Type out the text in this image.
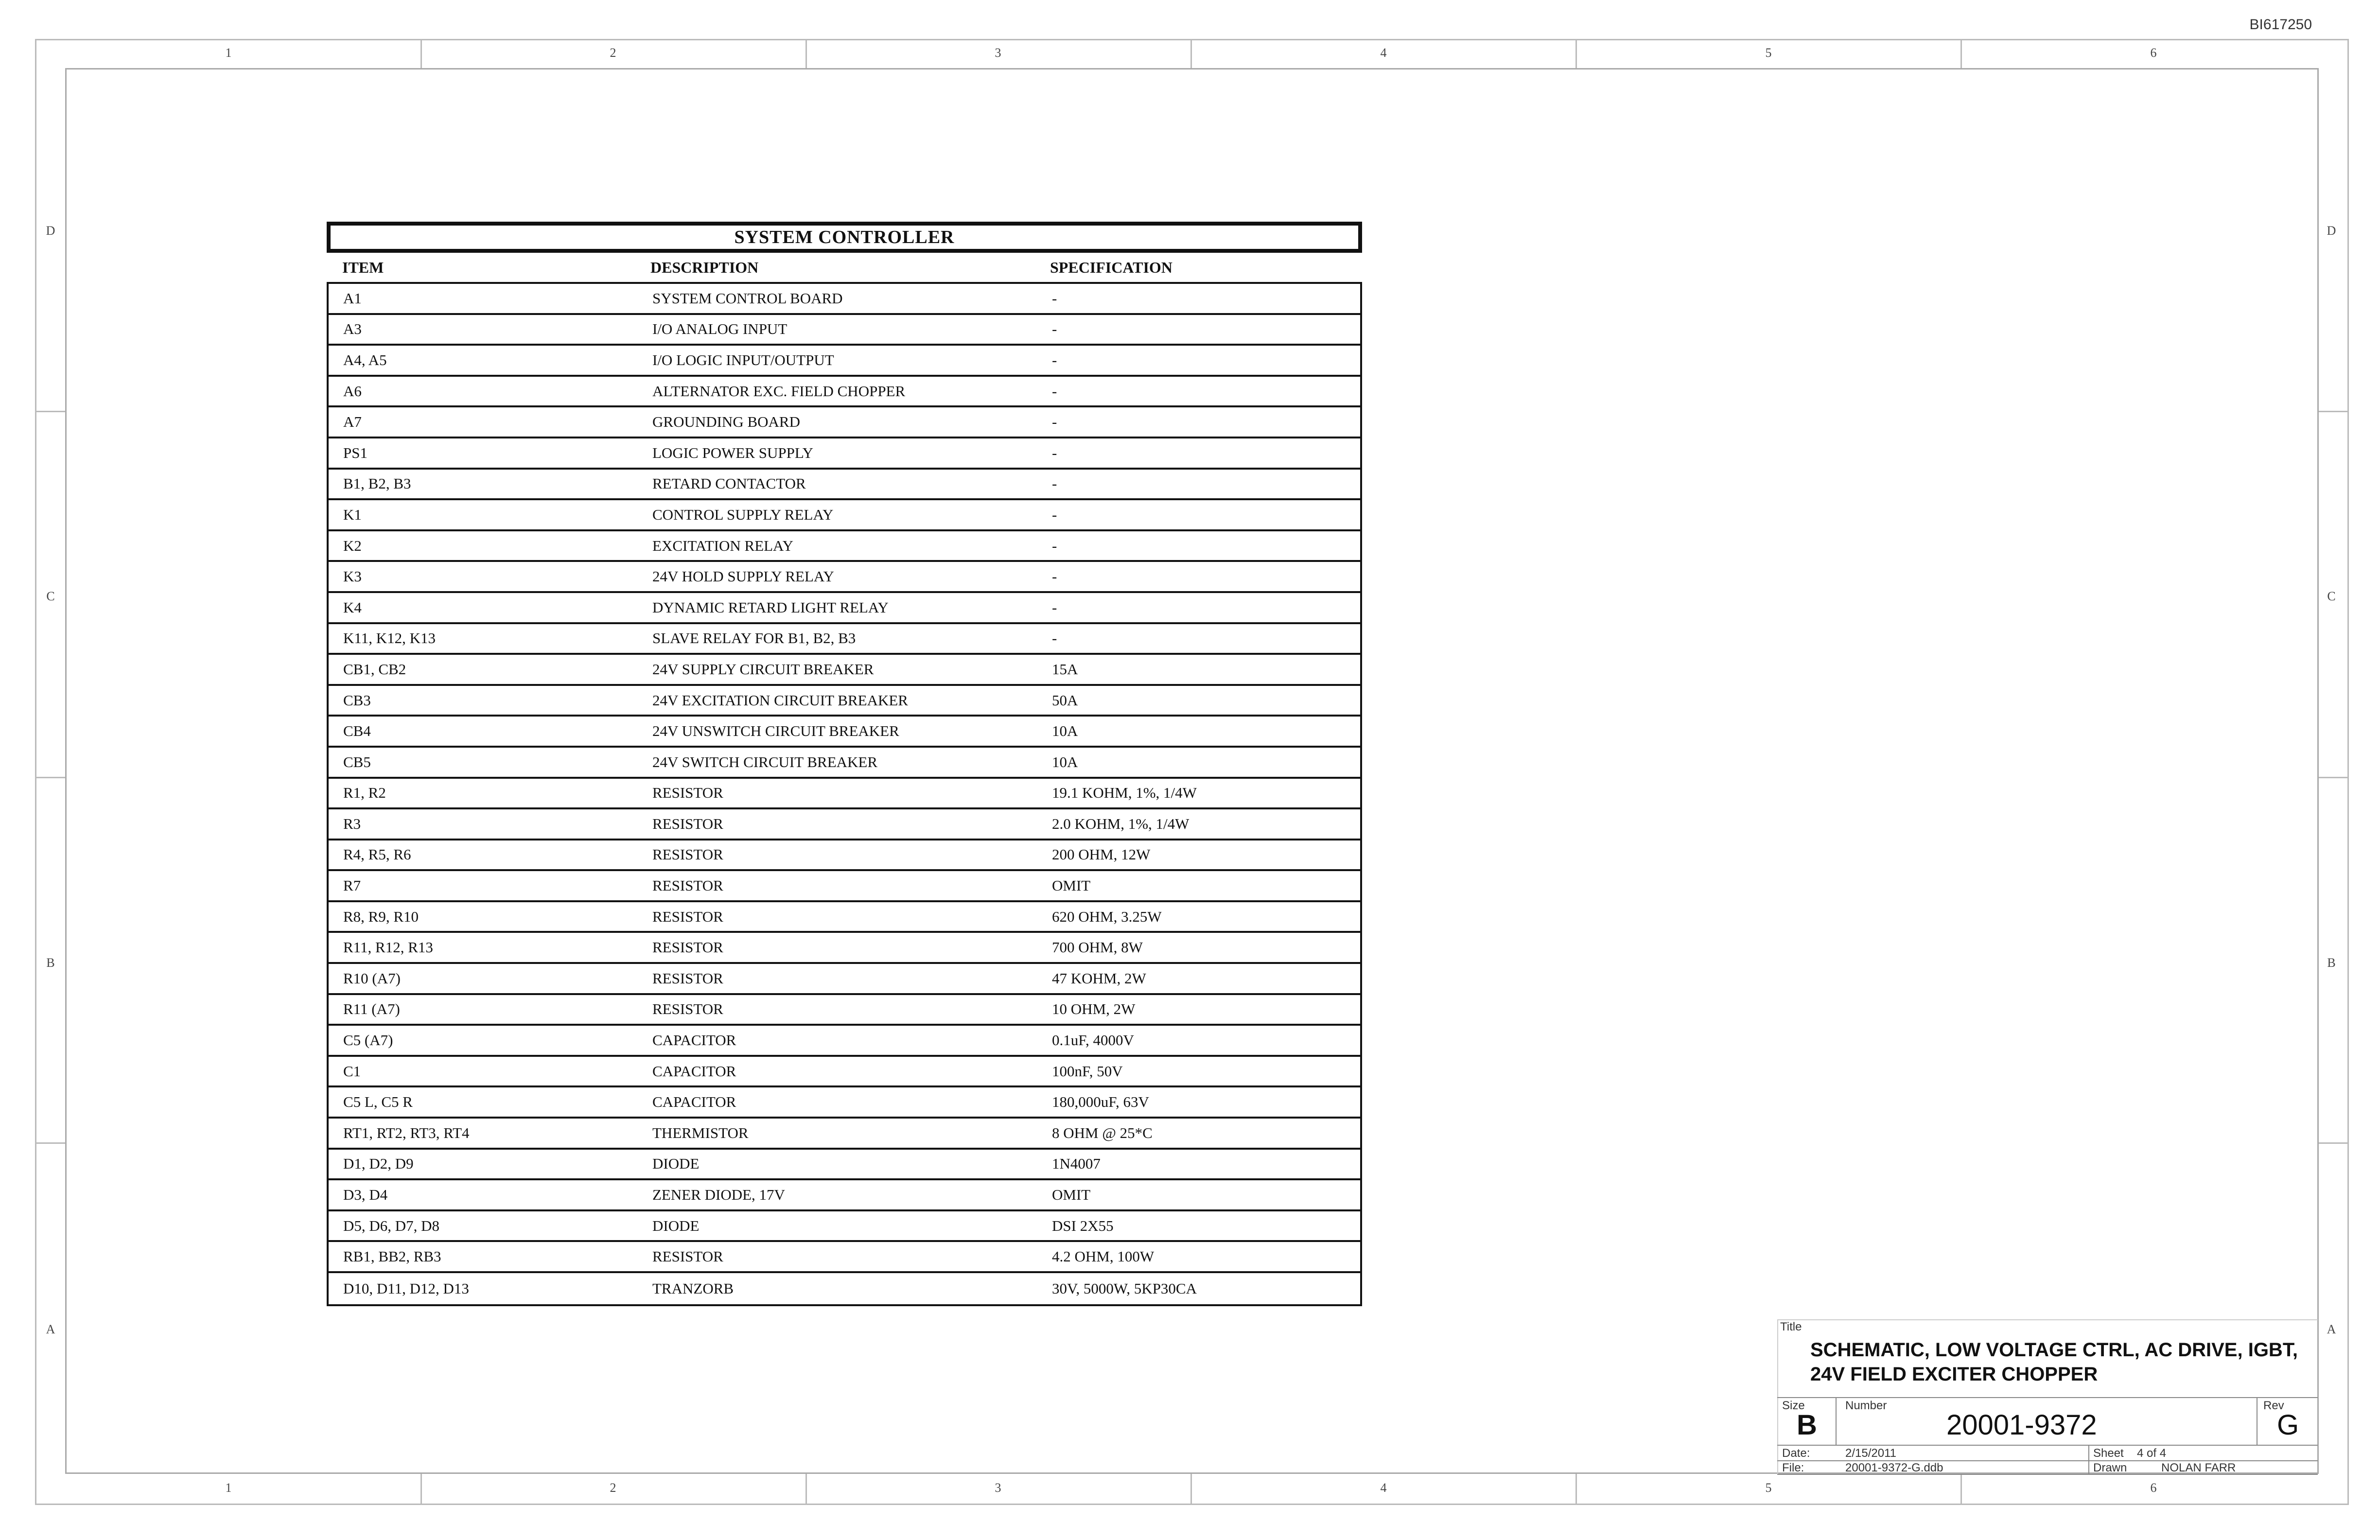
BI617250
1	2	3	4	5	6
1	2	3	4	5	6
D
C
B
A
D
C
B
A
SYSTEM CONTROLLER
ITEM	DESCRIPTION	SPECIFICATION
A1	SYSTEM CONTROL BOARD	-
A3	I/O ANALOG INPUT	-
A4, A5	I/O LOGIC INPUT/OUTPUT	-
A6	ALTERNATOR EXC. FIELD CHOPPER	-
A7	GROUNDING BOARD	-
PS1	LOGIC POWER SUPPLY	-
B1, B2, B3	RETARD CONTACTOR	-
K1	CONTROL SUPPLY RELAY	-
K2	EXCITATION RELAY	-
K3	24V HOLD SUPPLY RELAY	-
K4	DYNAMIC RETARD LIGHT RELAY	-
K11, K12, K13	SLAVE RELAY FOR B1, B2, B3	-
CB1, CB2	24V SUPPLY CIRCUIT BREAKER	15A
CB3	24V EXCITATION CIRCUIT BREAKER	50A
CB4	24V UNSWITCH CIRCUIT BREAKER	10A
CB5	24V SWITCH CIRCUIT BREAKER	10A
R1, R2	RESISTOR	19.1 KOHM, 1%, 1/4W
R3	RESISTOR	2.0 KOHM, 1%, 1/4W
R4, R5, R6	RESISTOR	200 OHM, 12W
R7	RESISTOR	OMIT
R8, R9, R10	RESISTOR	620 OHM, 3.25W
R11, R12, R13	RESISTOR	700 OHM, 8W
R10 (A7)	RESISTOR	47 KOHM, 2W
R11 (A7)	RESISTOR	10 OHM, 2W
C5 (A7)	CAPACITOR	0.1uF, 4000V
C1	CAPACITOR	100nF, 50V
C5 L, C5 R	CAPACITOR	180,000uF, 63V
RT1, RT2, RT3, RT4	THERMISTOR	8 OHM @ 25*C
D1, D2, D9	DIODE	1N4007
D3, D4	ZENER DIODE, 17V	OMIT
D5, D6, D7, D8	DIODE	DSI 2X55
RB1, BB2, RB3	RESISTOR	4.2 OHM, 100W
D10, D11, D12, D13	TRANZORB	30V, 5000W, 5KP30CA
Title
SCHEMATIC, LOW VOLTAGE CTRL, AC DRIVE, IGBT,
24V FIELD EXCITER CHOPPER
Size
B
Number
20001-9372
Rev
G
Date:	2/15/2011
File:	20001-9372-G.ddb
Sheet 4 of 4
Drawn	NOLAN FARR
